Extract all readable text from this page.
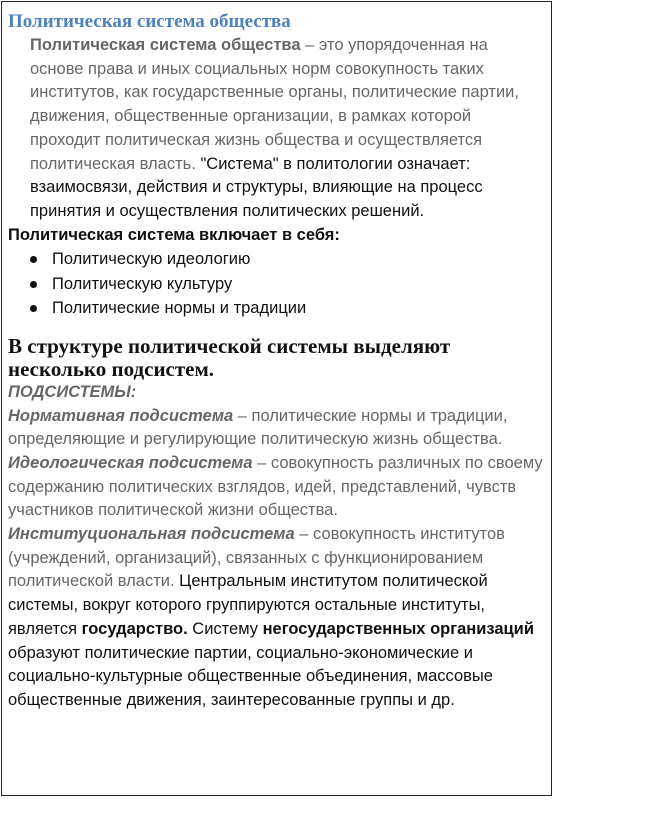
Политическая система общества

Политическая система общества – это упорядоченная на основе права и иных социальных норм совокупность таких институтов, как государственные органы, политические партии, движения, общественные организации, в рамках которой проходит политическая жизнь общества и осуществляется политическая власть. "Система" в политологии означает: взаимосвязи, действия и структуры, влияющие на процесс принятия и осуществления политических решений.

Политическая система включает в себя:

Политическую идеологию
Политическую культуру
Политические нормы и традиции
В структуре политической системы выделяют несколько подсистем.

ПОДСИСТЕМЫ:

Нормативная подсистема – политические нормы и традиции, определяющие и регулирующие политическую жизнь общества.

Идеологическая подсистема – совокупность различных по своему содержанию политических взглядов, идей, представлений, чувств участников политической жизни общества.

Институциональная подсистема – совокупность институтов (учреждений, организаций), связанных с функционированием политической власти. Центральным институтом политической системы, вокруг которого группируются остальные институты, является государство. Систему негосударственных организаций образуют политические партии, социально-экономические и социально-культурные общественные объединения, массовые общественные движения, заинтересованные группы и др.
